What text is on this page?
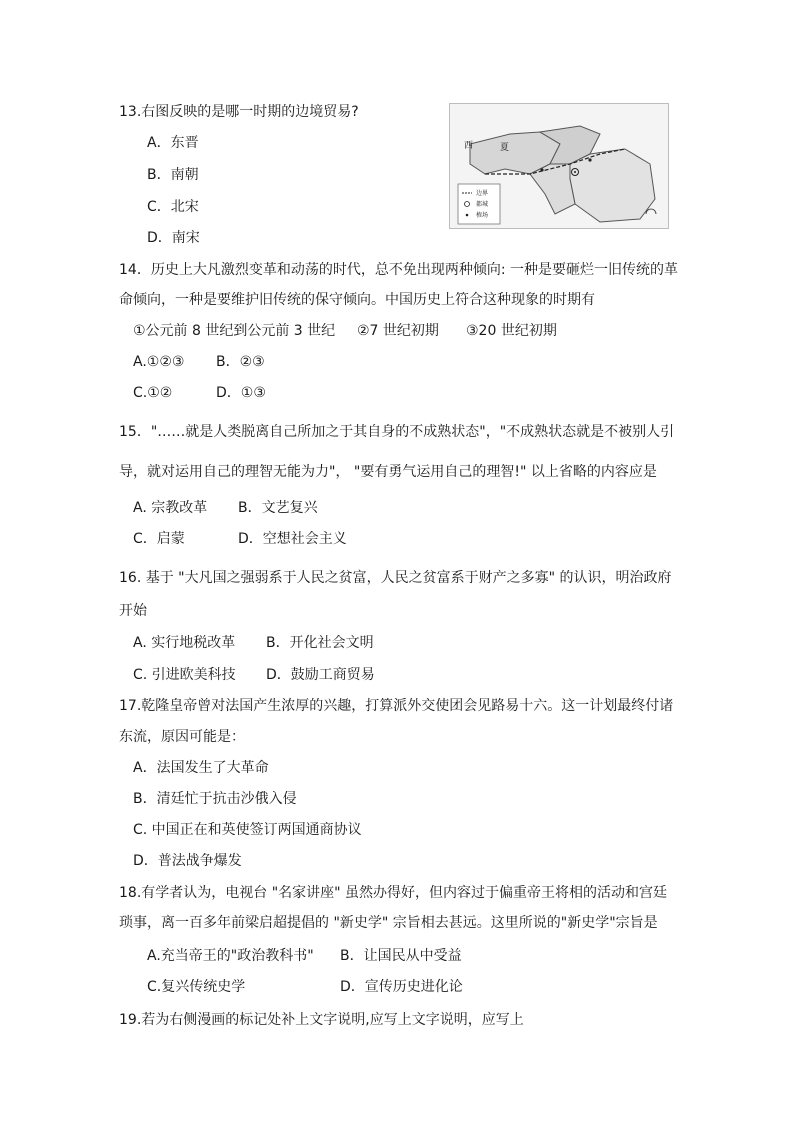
13.右图反映的是哪一时期的边境贸易?
A．东晋
B．南朝
C．北宋
D．南宋
西	夏
边界
都城
榷场
14．历史上大凡激烈变革和动荡的时代，总不免出现两种倾向: 一种是要砸烂一旧传统的革
命倾向，一种是要维护旧传统的保守倾向。中国历史上符合这种现象的时期有
①公元前 8 世纪到公元前 3 世纪 ②7 世纪初期 ③20 世纪初期
A.①②③ B．②③
C.①②	D．①③
15．"……就是人类脱离自己所加之于其自身的不成熟状态"，"不成熟状态就是不被别人引
导，就对运用自己的理智无能为力"， "要有勇气运用自己的理智!" 以上省略的内容应是
A. 宗教改革 B．文艺复兴
C．启蒙	D．空想社会主义
16. 基于 "大凡国之强弱系于人民之贫富，人民之贫富系于财产之多寡" 的认识，明治政府
开始
A. 实行地税改革 B．开化社会文明
C. 引进欧美科技 D．鼓励工商贸易
17.乾隆皇帝曾对法国产生浓厚的兴趣，打算派外交使团会见路易十六。这一计划最终付诸
东流，原因可能是：
A．法国发生了大革命
B．清廷忙于抗击沙俄入侵
C. 中国正在和英使签订两国通商协议
D．普法战争爆发
18.有学者认为，电视台 "名家讲座" 虽然办得好，但内容过于偏重帝王将相的活动和宫廷
琐事，离一百多年前梁启超提倡的 "新史学" 宗旨相去甚远。这里所说的"新史学"宗旨是
A.充当帝王的"政治教科书" B．让国民从中受益
C.复兴传统史学	D．宣传历史进化论
19.若为右侧漫画的标记处补上文字说明,应写上文字说明，应写上
